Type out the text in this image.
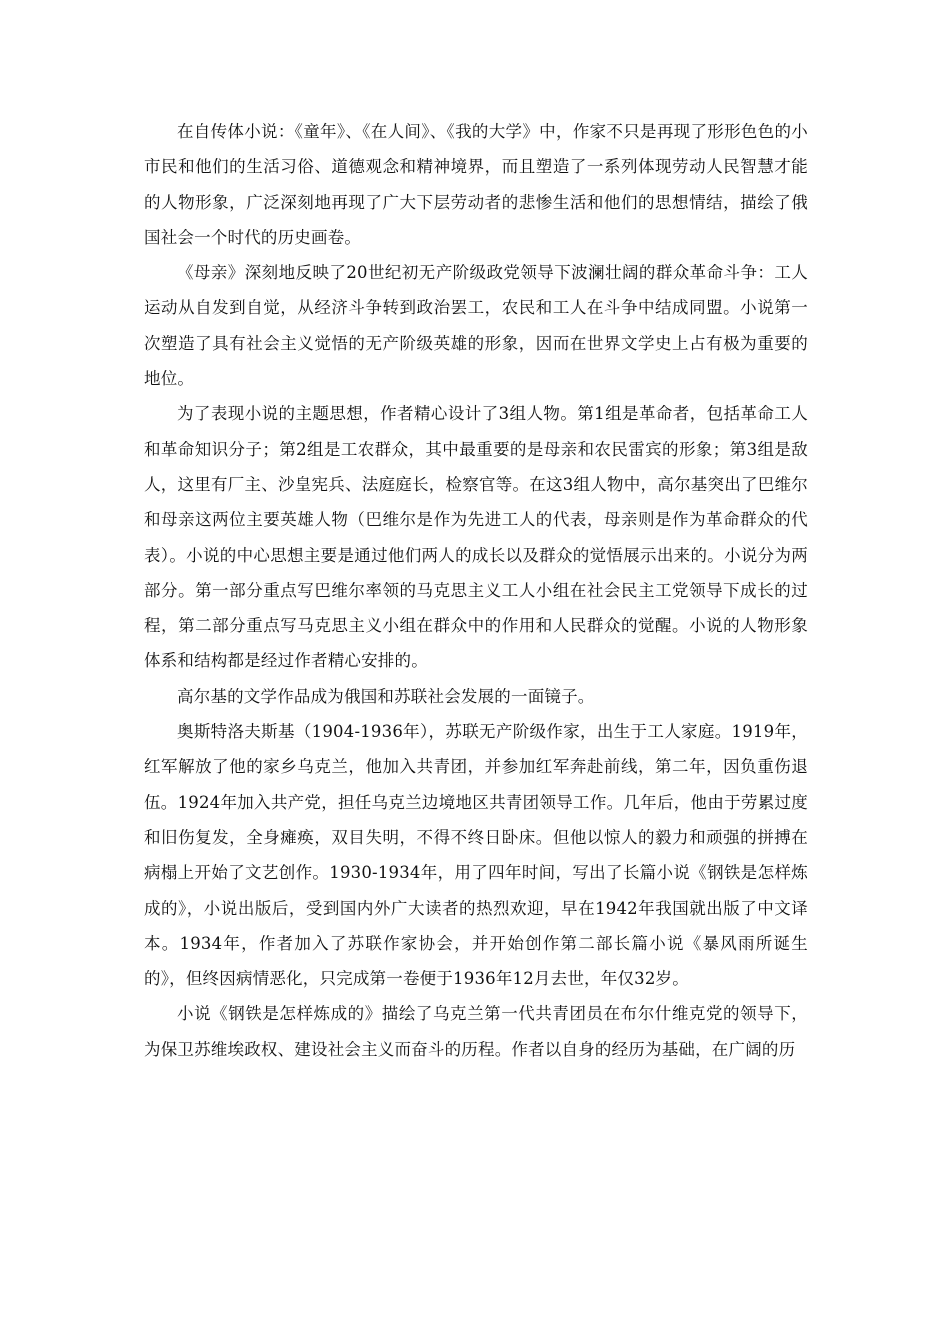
在自传体小说：《童年》、《在人间》、《我的大学》中，作家不只是再现了形形色色的小市民和他们的生活习俗、道德观念和精神境界，而且塑造了一系列体现劳动人民智慧才能的人物形象，广泛深刻地再现了广大下层劳动者的悲惨生活和他们的思想情结，描绘了俄国社会一个时代的历史画卷。

《母亲》深刻地反映了20世纪初无产阶级政党领导下波澜壮阔的群众革命斗争：工人运动从自发到自觉，从经济斗争转到政治罢工，农民和工人在斗争中结成同盟。小说第一次塑造了具有社会主义觉悟的无产阶级英雄的形象，因而在世界文学史上占有极为重要的地位。

为了表现小说的主题思想，作者精心设计了3组人物。第1组是革命者，包括革命工人和革命知识分子；第2组是工农群众，其中最重要的是母亲和农民雷宾的形象；第3组是敌人，这里有厂主、沙皇宪兵、法庭庭长，检察官等。在这3组人物中，高尔基突出了巴维尔和母亲这两位主要英雄人物（巴维尔是作为先进工人的代表，母亲则是作为革命群众的代表）。小说的中心思想主要是通过他们两人的成长以及群众的觉悟展示出来的。小说分为两部分。第一部分重点写巴维尔率领的马克思主义工人小组在社会民主工党领导下成长的过程，第二部分重点写马克思主义小组在群众中的作用和人民群众的觉醒。小说的人物形象体系和结构都是经过作者精心安排的。

高尔基的文学作品成为俄国和苏联社会发展的一面镜子。

奥斯特洛夫斯基（1904-1936年），苏联无产阶级作家，出生于工人家庭。1919年，红军解放了他的家乡乌克兰，他加入共青团，并参加红军奔赴前线，第二年，因负重伤退伍。1924年加入共产党，担任乌克兰边境地区共青团领导工作。几年后，他由于劳累过度和旧伤复发，全身瘫痪，双目失明，不得不终日卧床。但他以惊人的毅力和顽强的拼搏在病榻上开始了文艺创作。1930-1934年，用了四年时间，写出了长篇小说《钢铁是怎样炼成的》，小说出版后，受到国内外广大读者的热烈欢迎，早在1942年我国就出版了中文译本。1934年，作者加入了苏联作家协会，并开始创作第二部长篇小说《暴风雨所诞生的》，但终因病情恶化，只完成第一卷便于1936年12月去世，年仅32岁。

小说《钢铁是怎样炼成的》描绘了乌克兰第一代共青团员在布尔什维克党的领导下，为保卫苏维埃政权、建设社会主义而奋斗的历程。作者以自身的经历为基础，在广阔的历
